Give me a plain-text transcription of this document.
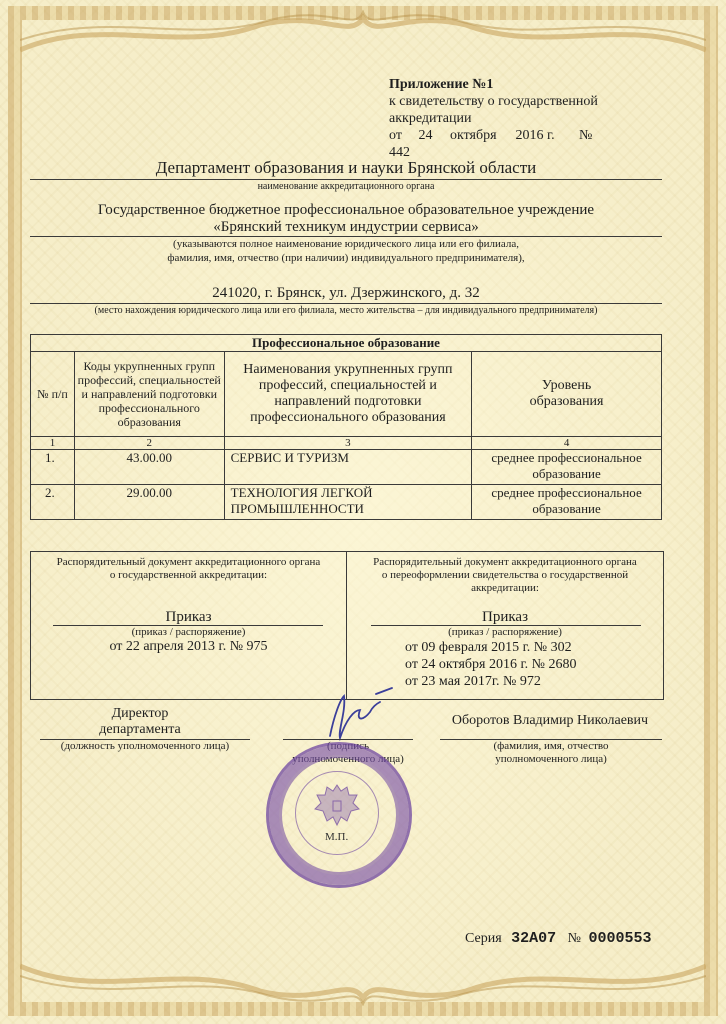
Приложение №1
к свидетельству о государственной
аккредитации
от 24 октября 2016 г. № 442
Департамент образования и науки Брянской области
наименование аккредитационного органа
Государственное бюджетное профессиональное образовательное учреждение
«Брянский техникум индустрии сервиса»
(указываются полное наименование юридического лица или его филиала,
фамилия, имя, отчество (при наличии) индивидуального предпринимателя),
241020, г. Брянск, ул. Дзержинского, д. 32
(место нахождения юридического лица или его филиала, место жительства – для индивидуального предпринимателя)
Профессиональное образование			
№ п/п	Коды укрупненных групп профессий, специальностей и направлений подготовки профессионального образования	Наименования укрупненных групп профессий, специальностей и направлений подготовки профессионального образования	Уровень образования
1	2	3	4
1.	43.00.00	СЕРВИС И ТУРИЗМ	среднее профессиональное образование
2.	29.00.00	ТЕХНОЛОГИЯ ЛЕГКОЙ ПРОМЫШЛЕННОСТИ	среднее профессиональное образование
Распорядительный документ аккредитационного органа
о государственной аккредитации:
Приказ
(приказ / распоряжение)
от 22 апреля 2013 г. № 975
Распорядительный документ аккредитационного органа
о переоформлении свидетельства о государственной
аккредитации:
Приказ
(приказ / распоряжение)
от 09 февраля 2015 г. № 302
от 24 октября 2016 г. № 2680
от 23 мая 2017г. № 972
Директор
департамента
(должность уполномоченного лица)	(подпись
уполномоченного лица)
Оборотов Владимир Николаевич
(фамилия, имя, отчество
уполномоченного лица)
М.П.
Серия 32А07 № 0000553
